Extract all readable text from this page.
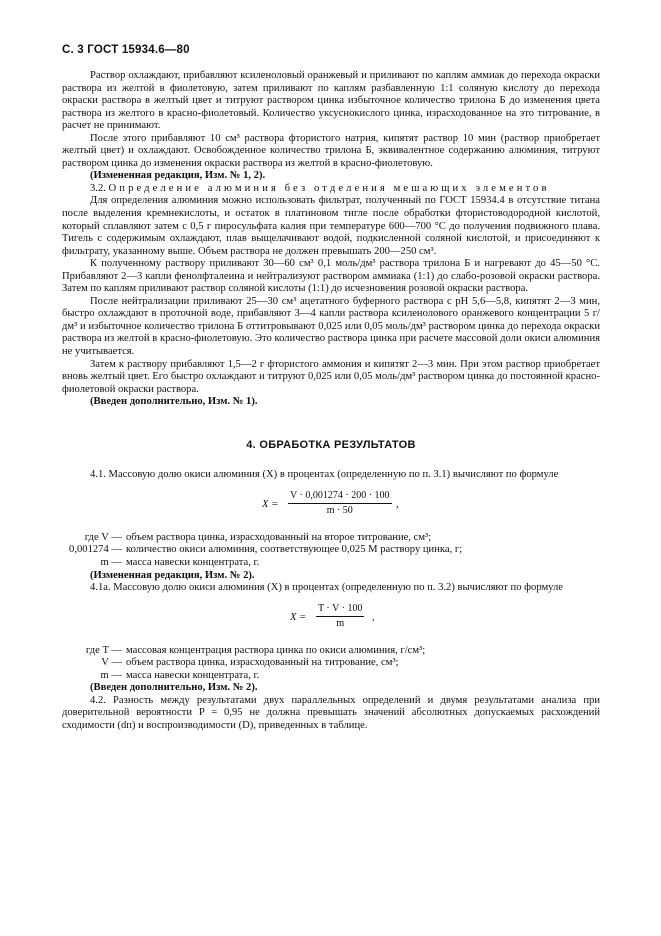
С. 3 ГОСТ 15934.6—80

Раствор охлаждают, прибавляют ксиленоловый оранжевый и приливают по каплям аммиак до перехода окраски раствора из желтой в фиолетовую, затем приливают по каплям разбавленную 1:1 соляную кислоту до перехода окраски раствора в желтый цвет и титруют раствором цинка избыточное количество трилона Б до изменения цвета раствора из желтого в красно-фиолетовый. Количество уксуснокислого цинка, израсходованное на это титрование, в расчет не принимают.

После этого прибавляют 10 см³ раствора фтористого натрия, кипятят раствор 10 мин (раствор приобретает желтый цвет) и охлаждают. Освобожденное количество трилона Б, эквивалентное содержанию алюминия, титруют раствором цинка до изменения окраски раствора из желтой в красно-фиолетовую.

(Измененная редакция, Изм. № 1, 2).

3.2. Определение алюминия без отделения мешающих элементов

Для определения алюминия можно использовать фильтрат, полученный по ГОСТ 15934.4 в отсутствие титана после выделения кремнекислоты, и остаток в платиновом тигле после обработки фтористоводородной кислотой, который сплавляют затем с 0,5 г пиросульфата калия при температуре 600—700 °С до получения подвижного плава. Тигель с содержимым охлаждают, плав выщелачивают водой, подкисленной соляной кислотой, и присоединяют к фильтрату, указанному выше. Объем раствора не должен превышать 200—250 см³.

К полученному раствору приливают 30—60 см³ 0,1 моль/дм³ раствора трилона Б и нагревают до 45—50 °С. Прибавляют 2—3 капли фенолфталеина и нейтрализуют раствором аммиака (1:1) до слабо-розовой окраски раствора. Затем по каплям приливают раствор соляной кислоты (1:1) до исчезновения розовой окраски раствора.

После нейтрализации приливают 25—30 см³ ацетатного буферного раствора с рН 5,6—5,8, кипятят 2—3 мин, быстро охлаждают в проточной воде, прибавляют 3—4 капли раствора ксиленолового оранжевого концентрации 5 г/дм³ и избыточное количество трилона Б оттитровывают 0,025 или 0,05 моль/дм³ раствором цинка до перехода окраски раствора из желтой в красно-фиолетовую. Это количество раствора цинка при расчете массовой доли окиси алюминия не учитывается.

Затем к раствору прибавляют 1,5—2 г фтористого аммония и кипятят 2—3 мин. При этом раствор приобретает вновь желтый цвет. Его быстро охлаждают и титруют 0,025 или 0,05 моль/дм³ раствором цинка до постоянной красно-фиолетовой окраски раствора.

(Введен дополнительно, Изм. № 1).

4. ОБРАБОТКА РЕЗУЛЬТАТОВ

4.1. Массовую долю окиси алюминия (X) в процентах (определенную по п. 3.1) вычисляют по формуле

$X = \frac{V \cdot 0,001274 \cdot 200 \cdot 100}{m \cdot 50}$ ,
где V — объем раствора цинка, израсходованный на второе титрование, см³;
0,001274 — количество окиси алюминия, соответствующее 0,025 М раствору цинка, г;
m — масса навески концентрата, г.

(Измененная редакция, Изм. № 2).

4.1а. Массовую долю окиси алюминия (X) в процентах (определенную по п. 3.2) вычисляют по формуле

$X = \frac{T \cdot V \cdot 100}{m}$ ,
где T — массовая концентрация раствора цинка по окиси алюминия, г/см³;
V — объем раствора цинка, израсходованный на титрование, см³;
m — масса навески концентрата, г.

(Введен дополнительно, Изм. № 2).

4.2. Разность между результатами двух параллельных определений и двумя результатами анализа при доверительной вероятности P = 0,95 не должна превышать значений абсолютных допускаемых расхождений сходимости (dп) и воспроизводимости (D), приведенных в таблице.
